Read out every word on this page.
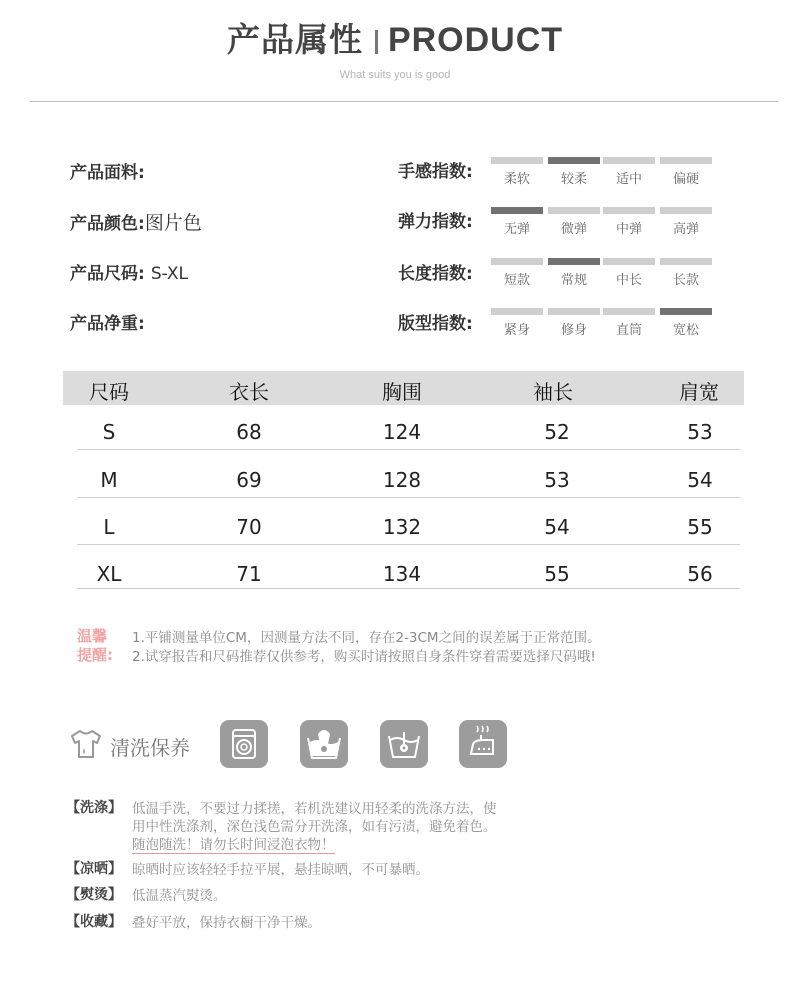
产品属性 PRODUCT
What suits you is good
产品面料:
产品颜色:图片色
产品尺码: S-XL
产品净重:
手感指数:	柔软	较柔	适中	偏硬
弹力指数:	无弹	微弹	中弹	高弹
长度指数:	短款	常规	中长	长款
版型指数:	紧身	修身	直筒	宽松
尺码	衣长	胸围	袖长	肩宽
S	68	124	52	53
M	69	128	53	54
L	70	132	54	55
XL	71	134	55	56
温馨
提醒:
1.平铺测量单位CM，因测量方法不同，存在2-3CM之间的误差属于正常范围。
2.试穿报告和尺码推荐仅供参考，购买时请按照自身条件穿着需要选择尺码哦!
清洗保养
【洗涤】 低温手洗，不要过力揉搓，若机洗建议用轻柔的洗涤方法，使
用中性洗涤剂，深色浅色需分开洗涤，如有污渍，避免着色。
随泡随洗！请勿长时间浸泡衣物！
【凉晒】 晾晒时应该轻轻手拉平展，悬挂晾晒，不可暴晒。
【熨烫】 低温蒸汽熨烫。
【收藏】 叠好平放，保持衣橱干净干燥。
